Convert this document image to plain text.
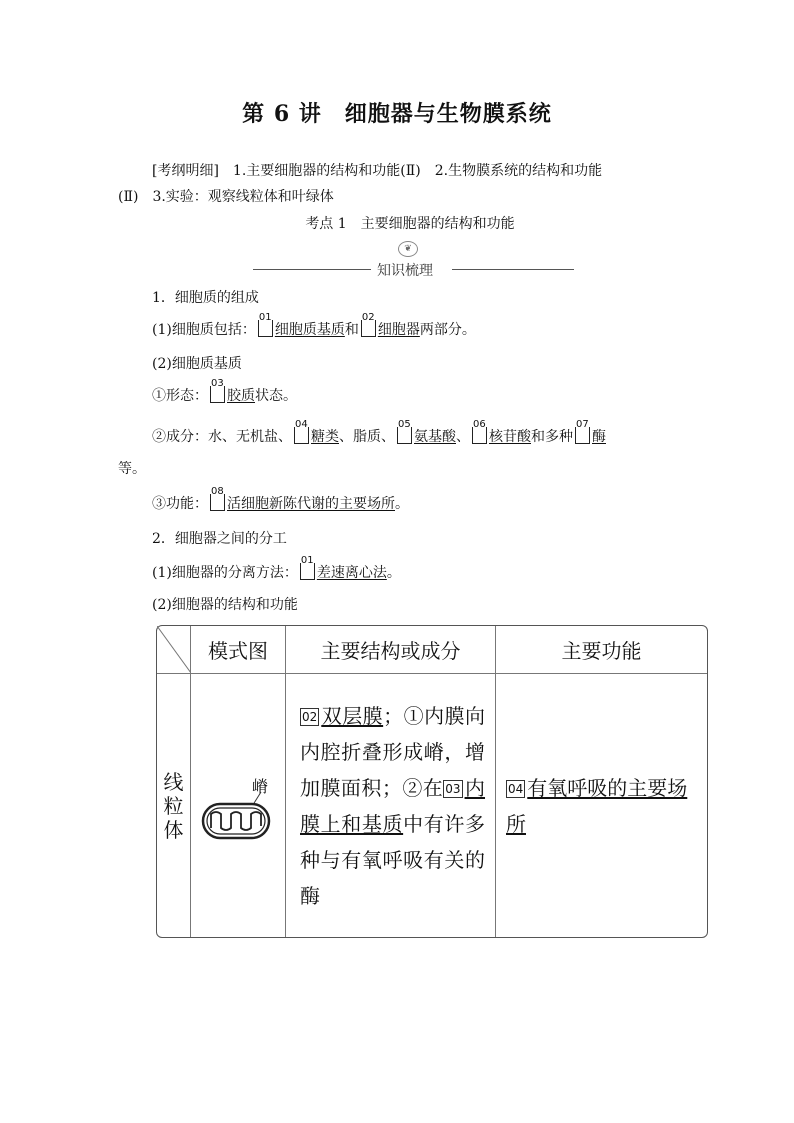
第 6 讲　细胞器与生物膜系统
[考纲明细]　1.主要细胞器的结构和功能(Ⅱ)　2.生物膜系统的结构和功能
(Ⅱ)　3.实验：观察线粒体和叶绿体
考点 1　主要细胞器的结构和功能
❦
知识梳理
1．细胞质的组成
(1)细胞质包括：
01
细胞质基质和
02
细胞器两部分。
(2)细胞质基质
①形态：
03
胶质状态。
②成分：水、无机盐、
04
糖类、脂质、
05
氨基酸、
06
核苷酸和多种
07
酶
等。
③功能：
08
活细胞新陈代谢的主要场所。
2．细胞器之间的分工
(1)细胞器的分离方法：
01
差速离心法。
(2)细胞器的结构和功能
	模式图	主要结构或成分	主要功能

线
粒
体	嵴	02 双层膜；①内膜向内腔折叠形成嵴，增加膜面积；②在 03 内膜上和基质中有许多种与有氧呼吸有关的酶	04 有氧呼吸的主要场所
